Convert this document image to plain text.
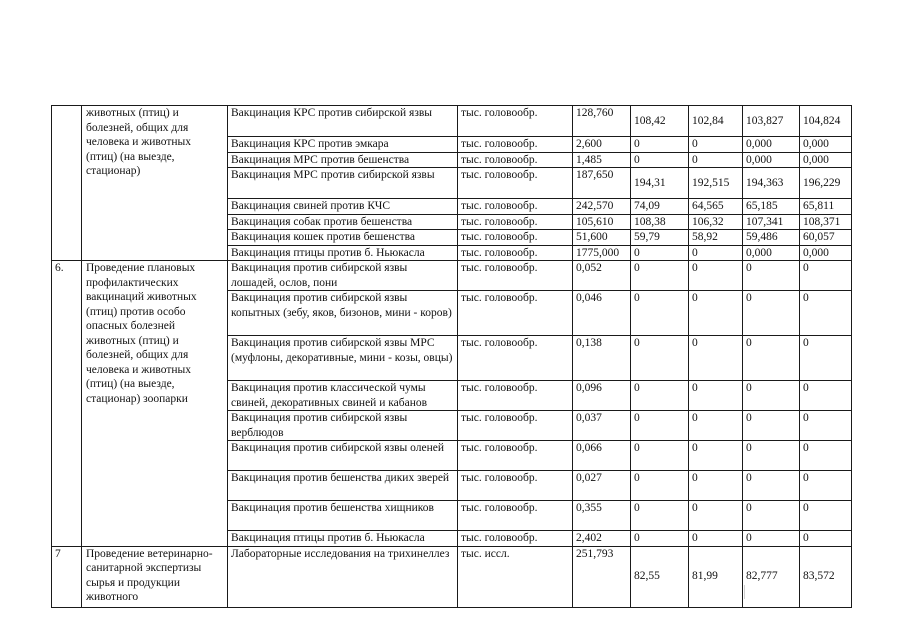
	животных (птиц) и болезней, общих для человека и животных (птиц) (на выезде, стационар)	Вакцинация КРС против сибирской язвы	тыс. головообр.	128,760	108,42	102,84	103,827	104,824
		Вакцинация КРС против эмкара	тыс. головообр.	2,600	0	0	0,000	0,000
		Вакцинация МРС против бешенства	тыс. головообр.	1,485	0	0	0,000	0,000
		Вакцинация МРС против сибирской язвы	тыс. головообр.	187,650	194,31	192,515	194,363	196,229
		Вакцинация свиней против КЧС	тыс. головообр.	242,570	74,09	64,565	65,185	65,811
		Вакцинация собак против бешенства	тыс. головообр.	105,610	108,38	106,32	107,341	108,371
		Вакцинация кошек против бешенства	тыс. головообр.	51,600	59,79	58,92	59,486	60,057
		Вакцинация птицы против б. Ньюкасла	тыс. головообр.	1775,000	0	0	0,000	0,000
6.	Проведение плановых профилактических вакцинаций животных (птиц) против особо опасных болезней животных (птиц) и болезней, общих для человека и животных (птиц) (на выезде, стационар) зоопарки	Вакцинация против сибирской язвы лошадей, ослов, пони	тыс. головообр.	0,052	0	0	0	0
		Вакцинация против сибирской язвы копытных (зебу, яков, бизонов, мини - коров)	тыс. головообр.	0,046	0	0	0	0
		Вакцинация против сибирской язвы МРС (муфлоны, декоративные, мини - козы, овцы)	тыс. головообр.	0,138	0	0	0	0
		Вакцинация против классической чумы свиней, декоративных свиней и кабанов	тыс. головообр.	0,096	0	0	0	0
		Вакцинация против сибирской язвы верблюдов	тыс. головообр.	0,037	0	0	0	0
		Вакцинация против сибирской язвы оленей	тыс. головообр.	0,066	0	0	0	0
		Вакцинация против бешенства диких зверей	тыс. головообр.	0,027	0	0	0	0
		Вакцинация против бешенства хищников	тыс. головообр.	0,355	0	0	0	0
		Вакцинация птицы против б. Ньюкасла	тыс. головообр.	2,402	0	0	0	0
7	Проведение ветеринарно-санитарной экспертизы сырья и продукции животного	Лабораторные исследования на трихинеллез	тыс. иссл.	251,793	82,55	81,99	82,777	83,572
